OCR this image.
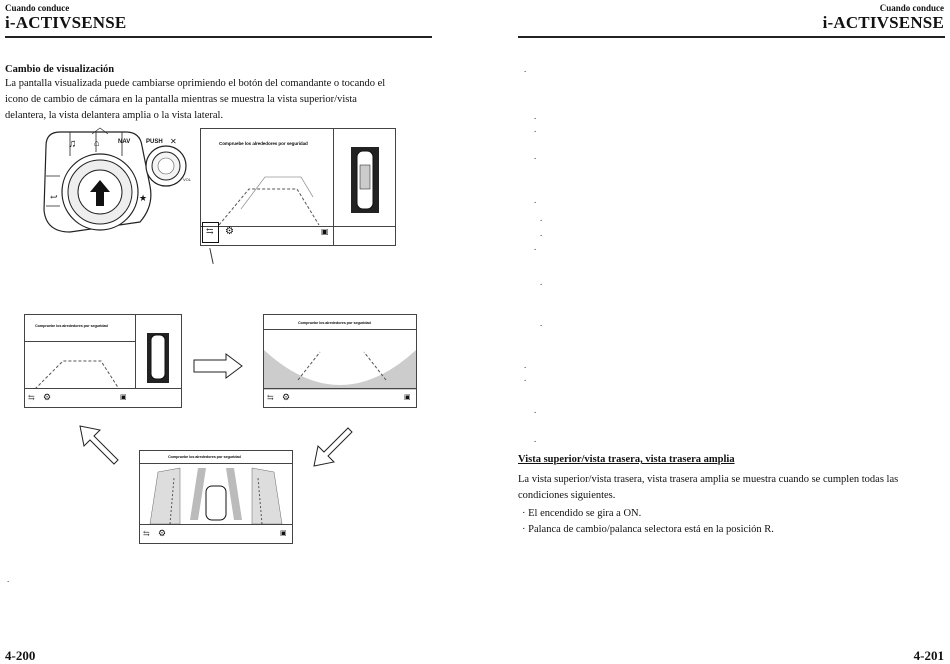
Cuando conduce
i-ACTIVSENSE
Cambio de visualización
La pantalla visualizada puede cambiarse oprimiendo el botón del comandante o tocando el
icono de cambio de cámara en la pantalla mientras se muestra la vista superior/vista
delantera, la vista delantera amplia o la vista lateral.
♫ ⌂	NAV	PUSH ✕
VOL
↩	★
Compruebe los alrededores por seguridad
⇆ ⚙	▣
Compruebe los alrededores por seguridad
⇆ ⚙	▣
Compruebe los alrededores por seguridad
⇆ ⚙	▣
Compruebe los alrededores por seguridad
⇆ ⚙	▣
.
4-200
Cuando conduce
i-ACTIVSENSE
.
.
.
.
.
.
.
.
.
.
.
.
.
.
Vista superior/vista trasera, vista trasera amplia
La vista superior/vista trasera, vista trasera amplia se muestra cuando se cumplen todas las
condiciones siguientes.
· El encendido se gira a ON.
· Palanca de cambio/palanca selectora está en la posición R.
4-201
